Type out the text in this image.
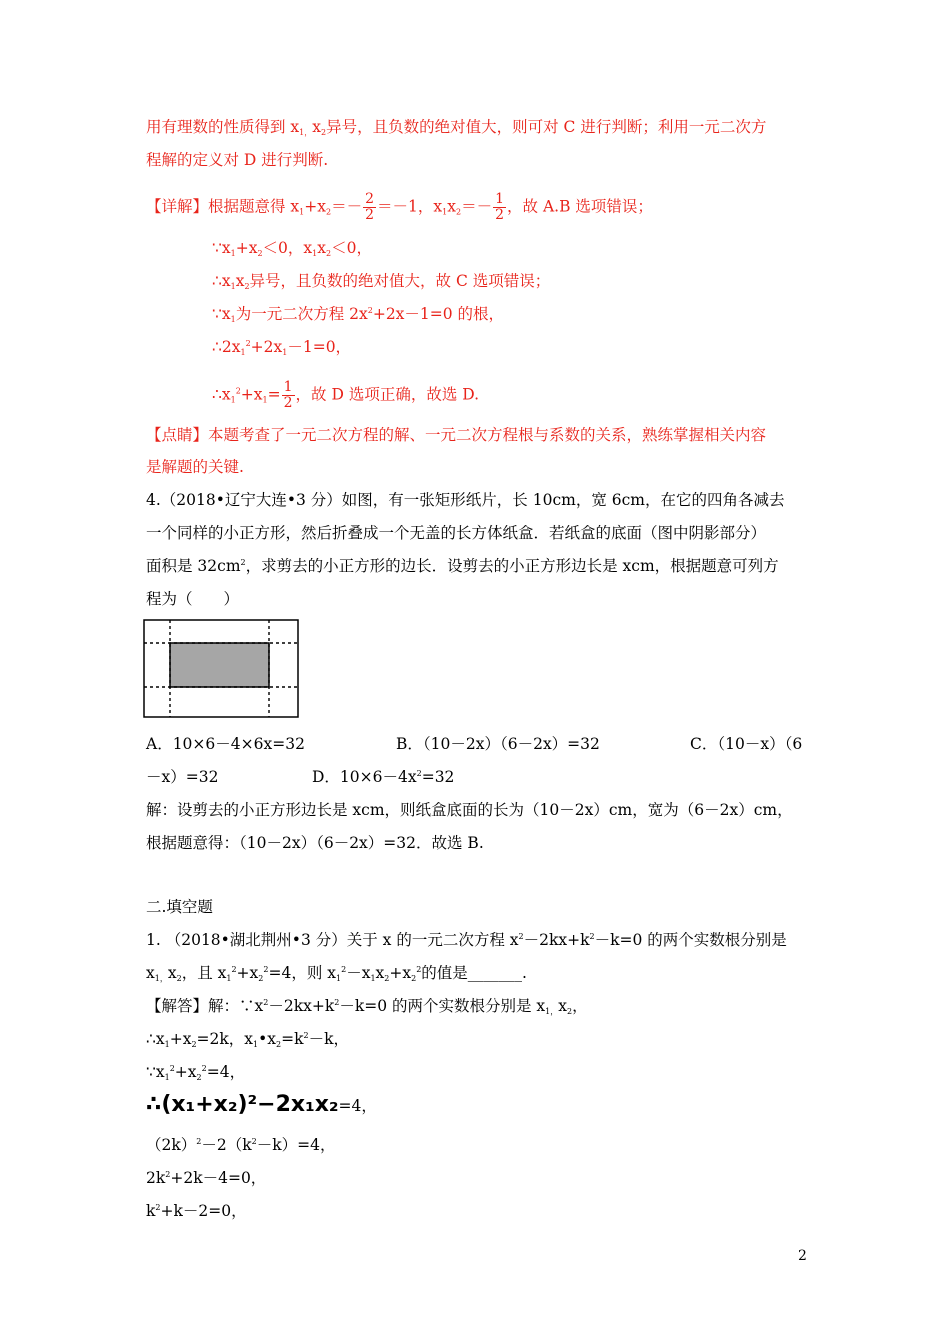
用有理数的性质得到 $x_{1,}x_2$异号，且负数的绝对值大，则可对 C 进行判断；利用一元二次方
程解的定义对 D 进行判断.
【详解】根据题意得 $x_1+x_2=- \frac{2}{2} =-1$，$x_1x_2=- \frac{1}{2}$ ，故 A.B 选项错误；
$\because x_1+x_2<0$，$x_1x_2<0$，
$\therefore x_1x_2$异号，且负数的绝对值大，故 C 选项错误；
$\because x_1$为一元二次方程 $2x^2+2x-1=0$ 的根，
$\therefore 2x_1^2+2x_1-1=0$，
$\therefore x_1^2+x_1= \frac{1}{2}$ ，故 D 选项正确，故选 D.
【点睛】本题考查了一元二次方程的解、一元二次方程根与系数的关系，熟练掌握相关内容
是解题的关键.
4.（2018•辽宁大连•3 分）如图，有一张矩形纸片，长 10cm，宽 6cm，在它的四角各减去
一个同样的小正方形，然后折叠成一个无盖的长方体纸盒．若纸盒的底面（图中阴影部分）
面积是 $32cm^2$，求剪去的小正方形的边长．设剪去的小正方形边长是 xcm，根据题意可列方
程为（　　）
A．10×6－4×6x=32	B．（10－2x）（6－2x）=32	C．（10－x）（6
－x）=32	D．$10\times 6-4x^2=32$
解：设剪去的小正方形边长是 xcm，则纸盒底面的长为（10－2x）cm，宽为（6－2x）cm，
根据题意得：（10－2x）（6－2x）=32．故选 B.
二.填空题
1. （2018•湖北荆州•3 分）关于 x 的一元二次方程 $x^2-2kx+k^2-k=0$ 的两个实数根分别是
$x_{1,}x_2$，且 $x_1^2+x_2^2=4$，则 $x_1^2-x_1x_2+x_2^2$的值是_______.
【解答】解：$\because x^2-2kx+k^2-k=0$ 的两个实数根分别是 $x_{1,}x_2$，
$\therefore x_1+x_2=2k$，$x_1•x_2=k^2-k$，
$\because x_1^2+x_2^2=4$，
∴(x₁+x₂)²−2x₁x₂=4，
$(2k)^2-2(k^2-k)=4$，
$2k^2+2k-4=0$，
$k^2+k-2=0$，
2
